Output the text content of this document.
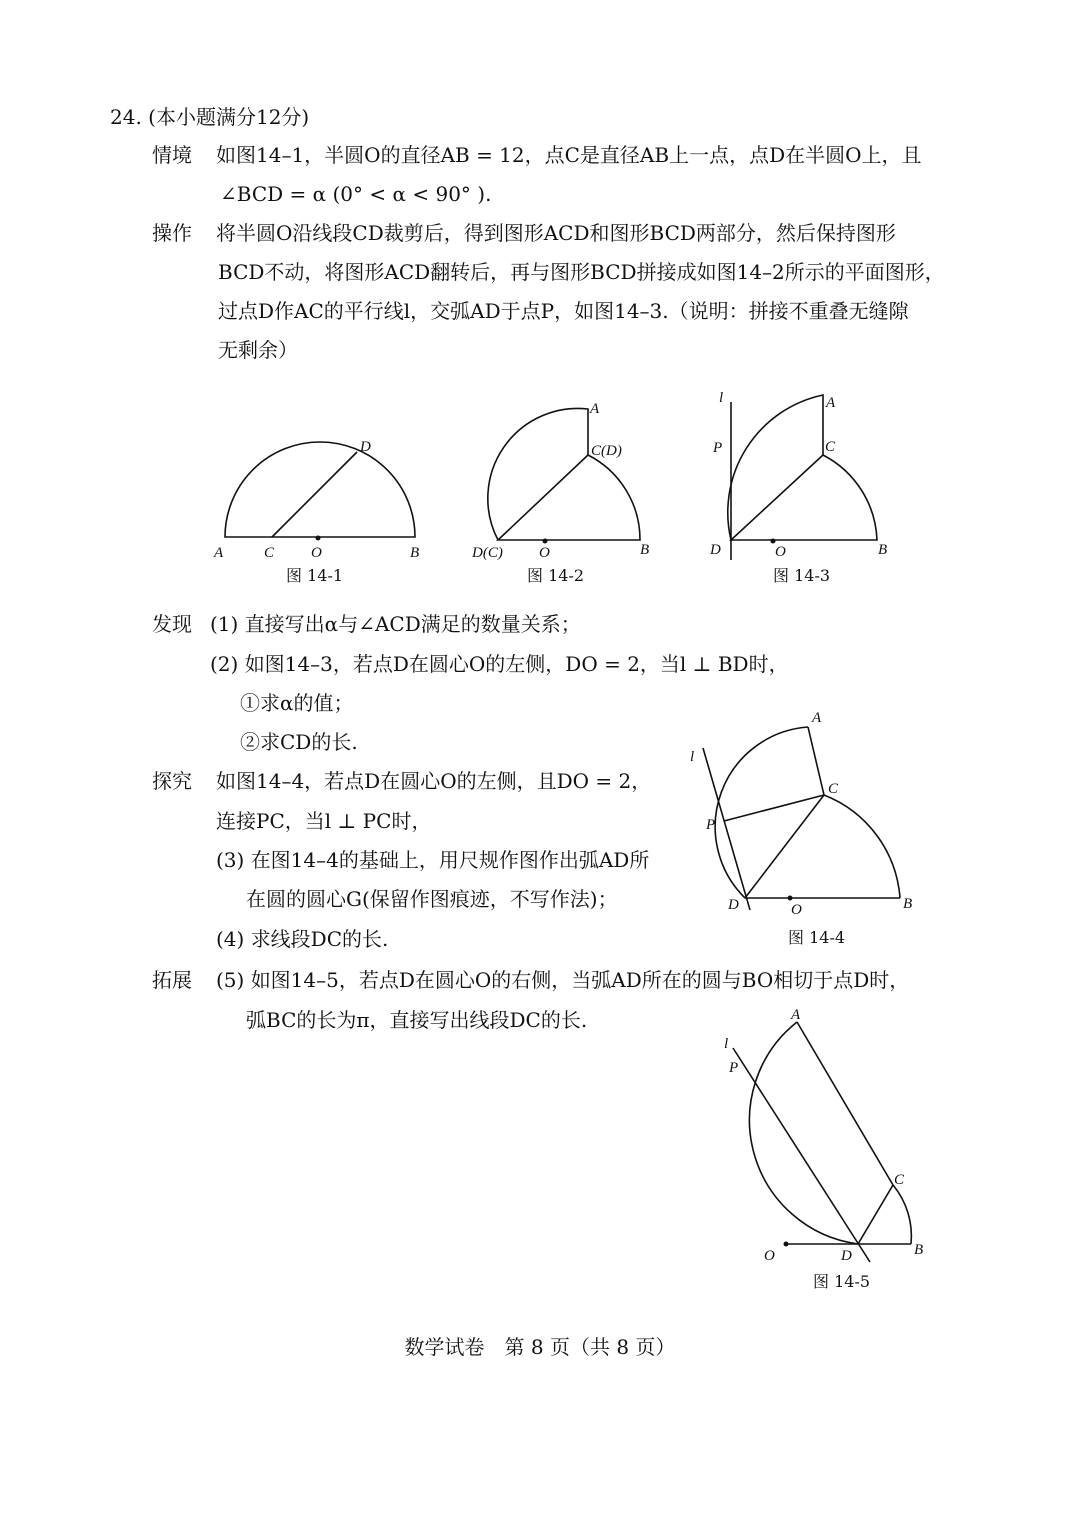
24. (本小题满分12分)
情境 如图14–1，半圆O的直径AB = 12，点C是直径AB上一点，点D在半圆O上，且
∠BCD = α (0° < α < 90° ).
操作 将半圆O沿线段CD裁剪后，得到图形ACD和图形BCD两部分，然后保持图形
BCD不动，将图形ACD翻转后，再与图形BCD拼接成如图14–2所示的平面图形，
过点D作AC的平行线l，交弧AD于点P，如图14–3.（说明：拼接不重叠无缝隙
无剩余）
A	C O	B
D
图 14-1
A
C(D)
D(C) O	B
图 14-2
l	A
P	C
D	O	B
图 14-3
发现 (1) 直接写出α与∠ACD满足的数量关系；
(2) 如图14–3，若点D在圆心O的左侧，DO = 2，当l ⊥ BD时，
①求α的值；
②求CD的长.
l
A
P
C
D	O	B
图 14-4
探究 如图14–4，若点D在圆心O的左侧，且DO = 2，
连接PC，当l ⊥ PC时，
(3) 在图14–4的基础上，用尺规作图作出弧AD所
在圆的圆心G(保留作图痕迹，不写作法)；
(4) 求线段DC的长.
拓展 (5) 如图14–5，若点D在圆心O的右侧，当弧AD所在的圆与BO相切于点D时，
弧BC的长为π，直接写出线段DC的长.
l
A
P
C
O	D	B
图 14-5
数学试卷　第 8 页（共 8 页）
